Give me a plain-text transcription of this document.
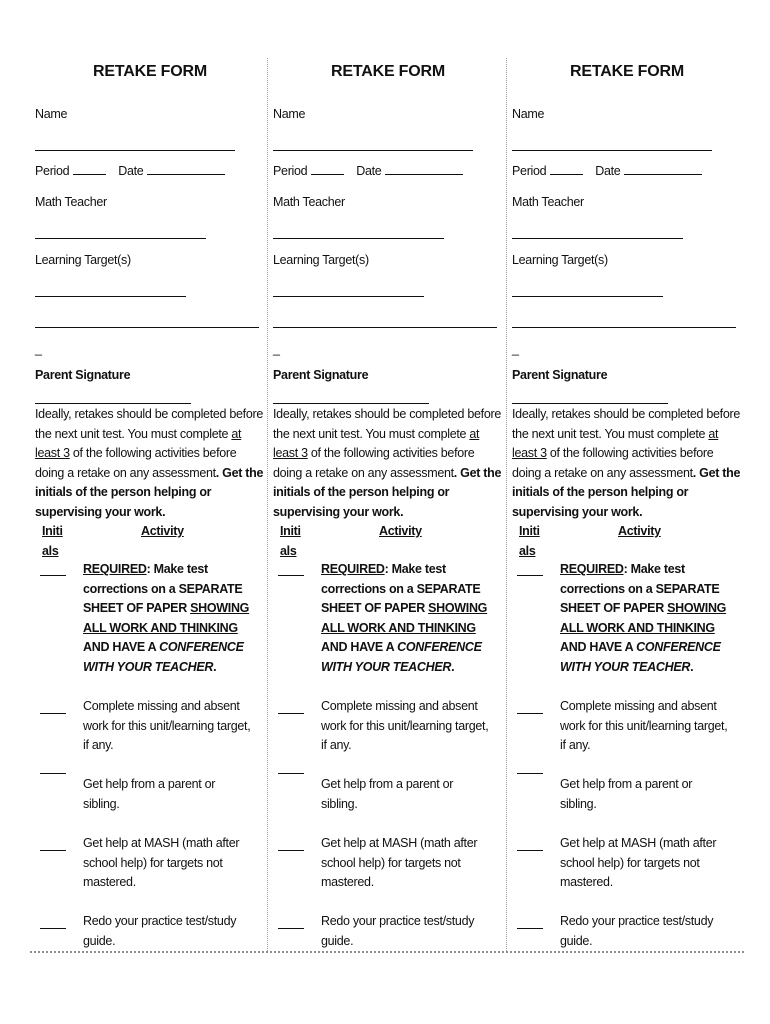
RETAKE FORM
Name
Period	Date
Math Teacher
Learning Target(s)
_
Parent Signature
Ideally, retakes should be completed before the next unit test. You must complete at least 3 of the following activities before doing a retake on any assessment. Get the initials of the person helping or supervising your work.
Initials
Activity
REQUIRED: Make test corrections on a SEPARATE SHEET OF PAPER SHOWING ALL WORK AND THINKING AND HAVE A CONFERENCE WITH YOUR TEACHER.
Complete missing and absent work for this unit/learning target, if any.
Get help from a parent or sibling.
Get help at MASH (math after school help) for targets not mastered.
Redo your practice test/study guide.
RETAKE FORM
Name
Period	Date
Math Teacher
Learning Target(s)
_
Parent Signature
Ideally, retakes should be completed before the next unit test. You must complete at least 3 of the following activities before doing a retake on any assessment. Get the initials of the person helping or supervising your work.
Initials
Activity
REQUIRED: Make test corrections on a SEPARATE SHEET OF PAPER SHOWING ALL WORK AND THINKING AND HAVE A CONFERENCE WITH YOUR TEACHER.
Complete missing and absent work for this unit/learning target, if any.
Get help from a parent or sibling.
Get help at MASH (math after school help) for targets not mastered.
Redo your practice test/study guide.
RETAKE FORM
Name
Period	Date
Math Teacher
Learning Target(s)
_
Parent Signature
Ideally, retakes should be completed before the next unit test. You must complete at least 3 of the following activities before doing a retake on any assessment. Get the initials of the person helping or supervising your work.
Initials
Activity
REQUIRED: Make test corrections on a SEPARATE SHEET OF PAPER SHOWING ALL WORK AND THINKING AND HAVE A CONFERENCE WITH YOUR TEACHER.
Complete missing and absent work for this unit/learning target, if any.
Get help from a parent or sibling.
Get help at MASH (math after school help) for targets not mastered.
Redo your practice test/study guide.
